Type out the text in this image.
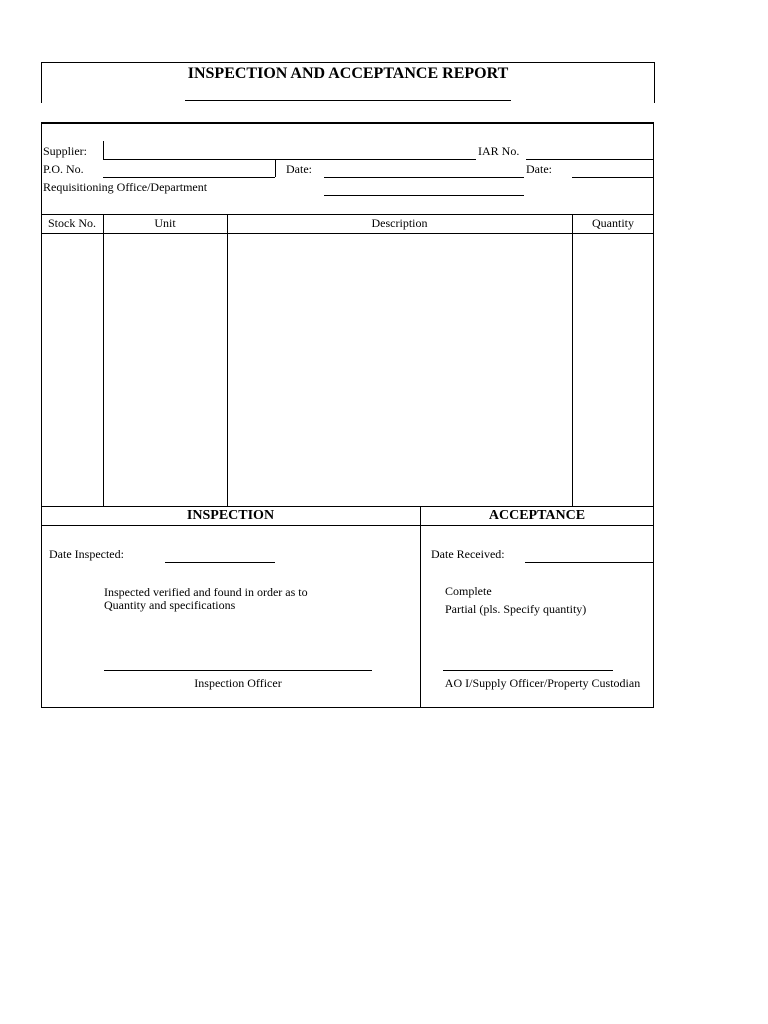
INSPECTION AND ACCEPTANCE REPORT
Supplier:	IAR No.
P.O. No.	Date:	Date:
Requisitioning Office/Department
Stock No.	Unit	Description	Quantity
INSPECTION	ACCEPTANCE
Date Inspected:
Inspected verified and found in order as to
Quantity and specifications
Inspection Officer
Date Received:
Complete
Partial (pls. Specify quantity)
AO I/Supply Officer/Property Custodian
